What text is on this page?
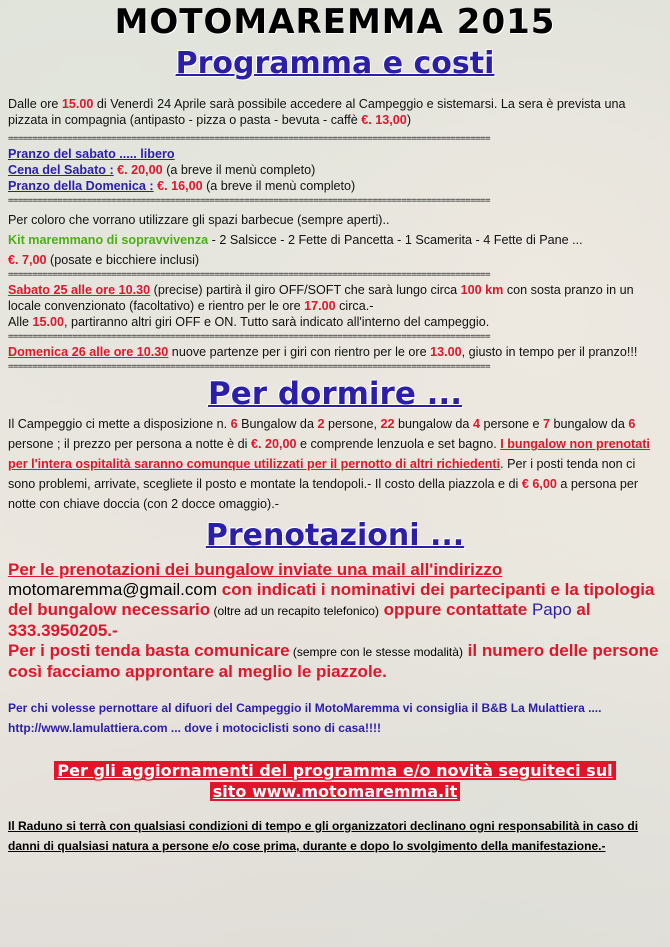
MOTOMAREMMA 2015
Programma e costi

Dalle ore 15.00 di Venerdì 24 Aprile sarà possibile accedere al Campeggio e sistemarsi. La sera è prevista una pizzata in compagnia (antipasto - pizza o pasta - bevuta - caffè €. 13,00)

==================================================================================================
Pranzo del sabato ..... libero
Cena del Sabato : €. 20,00 (a breve il menù completo)
Pranzo della Domenica : €. 16,00 (a breve il menù completo)
==================================================================================================
Per coloro che vorrano utilizzare gli spazi barbecue (sempre aperti)..
Kit maremmano di sopravvivenza - 2 Salsicce - 2 Fette di Pancetta - 1 Scamerita - 4 Fette di Pane ...
€. 7,00 (posate e bicchiere inclusi)
==================================================================================================

Sabato 25 alle ore 10.30 (precise) partirà il giro OFF/SOFT che sarà lungo circa 100 km con sosta pranzo in un locale convenzionato (facoltativo) e rientro per le ore 17.00 circa.-
Alle 15.00, partiranno altri giri OFF e ON. Tutto sarà indicato all'interno del campeggio.

==================================================================================================

Domenica 26 alle ore 10.30 nuove partenze per i giri con rientro per le ore 13.00, giusto in tempo per il pranzo!!!

==================================================================================================
Per dormire ...

Il Campeggio ci mette a disposizione n. 6 Bungalow da 2 persone, 22 bungalow da 4 persone e 7 bungalow da 6 persone ; il prezzo per persona a notte è di €. 20,00 e comprende lenzuola e set bagno. I bungalow non prenotati per l'intera ospitalità saranno comunque utilizzati per il pernotto di altri richiedenti. Per i posti tenda non ci sono problemi, arrivate, scegliete il posto e montate la tendopoli.- Il costo della piazzola e di € 6,00 a persona per notte con chiave doccia (con 2 docce omaggio).-

Prenotazioni ...
Per le prenotazioni dei bungalow inviate una mail all'indirizzo
motomaremma@gmail.com con indicati i nominativi dei partecipanti e la tipologia del bungalow necessario (oltre ad un recapito telefonico) oppure contattate Papo al 333.3950205.-
Per i posti tenda basta comunicare (sempre con le stesse modalità) il numero delle persone così facciamo approntare al meglio le piazzole.
Per chi volesse pernottare al difuori del Campeggio il MotoMaremma vi consiglia il B&B La Mulattiera .... http://www.lamulattiera.com ... dove i motociclisti sono di casa!!!!
Per gli aggiornamenti del programma e/o novità seguiteci sul
sito www.motomaremma.it
Il Raduno si terrà con qualsiasi condizioni di tempo e gli organizzatori declinano ogni responsabilità in caso di danni di qualsiasi natura a persone e/o cose prima, durante e dopo lo svolgimento della manifestazione.-
